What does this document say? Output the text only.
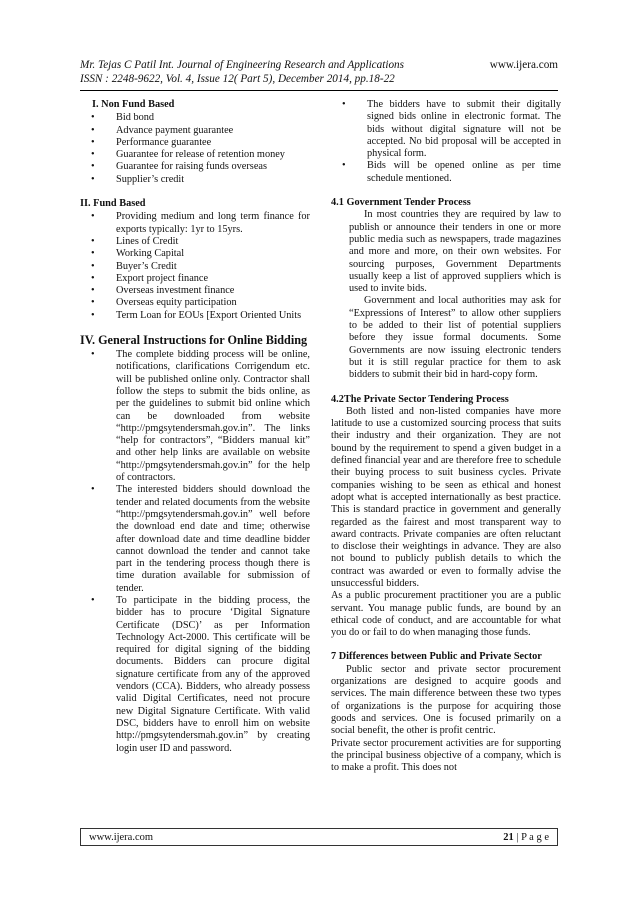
Mr. Tejas C Patil Int. Journal of Engineering Research and Applications	www.ijera.com
ISSN : 2248-9622, Vol. 4, Issue 12( Part 5), December 2014, pp.18-22
I. Non Fund Based
• Bid bond
• Advance payment guarantee
• Performance guarantee
• Guarantee for release of retention money
• Guarantee for raising funds overseas
• Supplier’s credit
II. Fund Based
• Providing medium and long term finance for exports typically: 1yr to 15yrs.
• Lines of Credit
• Working Capital
• Buyer’s Credit
• Export project finance
• Overseas investment finance
• Overseas equity participation
• Term Loan for EOUs [Export Oriented Units
IV. General Instructions for Online Bidding
• The complete bidding process will be online, notifications, clarifications Corrigendum etc. will be published online only. Contractor shall follow the steps to submit the bids online, as per the guidelines to submit bid online which can be downloaded from website “http://pmgsytendersmah.gov.in”. The links “help for contractors”, “Bidders manual kit” and other help links are available on website “http://pmgsytendersmah.gov.in” for the help of contractors.
• The interested bidders should download the tender and related documents from the website “http://pmgsytendersmah.gov.in” well before the download end date and time; otherwise after download date and time deadline bidder cannot download the tender and cannot take part in the tendering process though there is time duration available for submission of tender.
• To participate in the bidding process, the bidder has to procure ‘Digital Signature Certificate (DSC)’ as per Information Technology Act-2000. This certificate will be required for digital signing of the bidding documents. Bidders can procure digital signature certificate from any of the approved vendors (CCA). Bidders, who already possess valid Digital Certificates, need not procure new Digital Signature Certificate. With valid DSC, bidders have to enroll him on website http://pmgsytendersmah.gov.in” by creating login user ID and password.
• The bidders have to submit their digitally signed bids online in electronic format. The bids without digital signature will not be accepted. No bid proposal will be accepted in physical form.
• Bids will be opened online as per time schedule mentioned.
4.1 Government Tender Process

In most countries they are required by law to publish or announce their tenders in one or more public media such as newspapers, trade magazines and more and more, on their own websites. For sourcing purposes, Government Departments usually keep a list of approved suppliers which is used to invite bids.

Government and local authorities may ask for “Expressions of Interest” to allow other suppliers to be added to their list of potential suppliers before they issue formal documents. Some Governments are now issuing electronic tenders but it is still regular practice for them to ask bidders to submit their bid in hard-copy form.

4.2The Private Sector Tendering Process

Both listed and non-listed companies have more latitude to use a customized sourcing process that suits their industry and their organization. They are not bound by the requirement to spend a given budget in a defined financial year and are therefore free to schedule their buying process to suit business cycles. Private companies wishing to be seen as ethical and honest adopt what is accepted internationally as best practice. This is standard practice in government and generally regarded as the fairest and most transparent way to award contracts. Private companies are often reluctant to disclose their weightings in advance. They are also not bound to publicly publish details to which the contract was awarded or even to formally advise the unsuccessful bidders.

As a public procurement practitioner you are a public servant. You manage public funds, are bound by an ethical code of conduct, and are accountable for what you do or fail to do when managing those funds.

7 Differences between Public and Private Sector

Public sector and private sector procurement organizations are designed to acquire goods and services. The main difference between these two types of organizations is the purpose for acquiring those goods and services. One is focused primarily on a social benefit, the other is profit centric.

Private sector procurement activities are for supporting the principal business objective of a company, which is to make a profit. This does not

www.ijera.com	21 | P a g e
